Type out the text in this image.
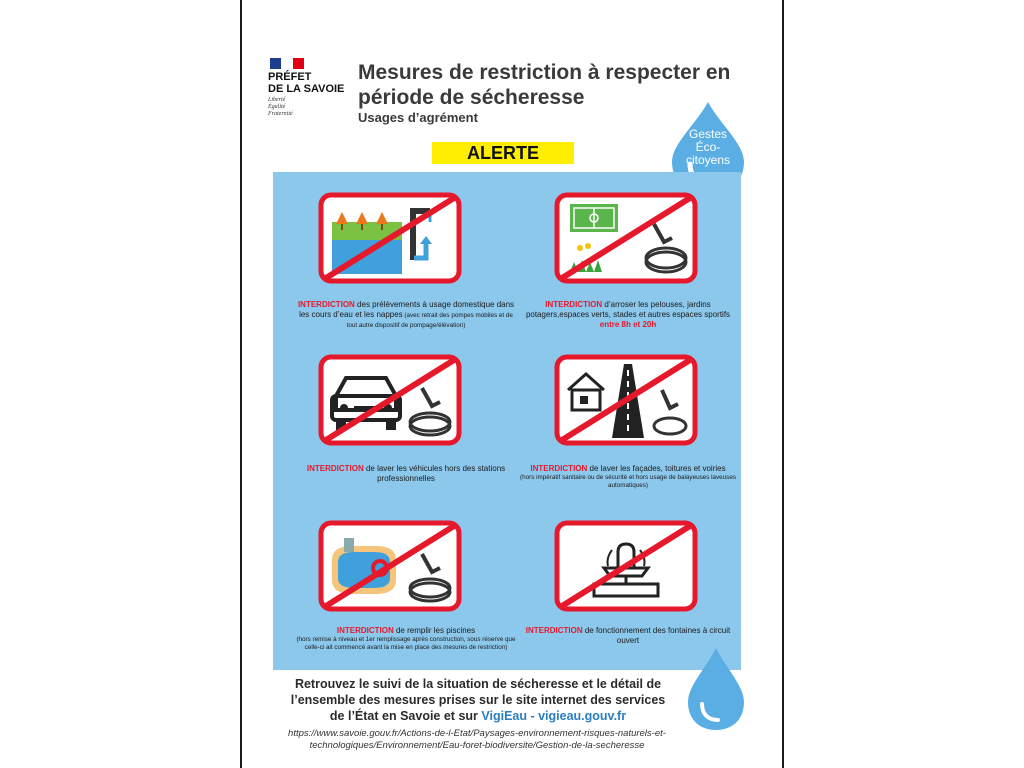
PRÉFET
DE LA SAVOIE
Liberté
Égalité
Fraternité
Mesures de restriction à respecter en période de sécheresse
Usages d’agrément
ALERTE
Gestes
Éco-
citoyens
INTERDICTION des prélèvements à usage domestique dans les cours d’eau et les nappes (avec retrait des pompes mobiles et de tout autre dispositif de pompage/élévation)
INTERDICTION d’arroser les pelouses, jardins potagers,espaces verts, stades et autres espaces sportifs
entre 8h et 20h
INTERDICTION de laver les véhicules hors des stations professionnelles
INTERDICTION de laver les façades, toitures et voiries
(hors impératif sanitaire ou de sécurité et hors usage de balayeuses laveuses automatiques)
INTERDICTION de remplir les piscines
(hors remise à niveau et 1er remplissage après construction, sous réserve que celle-ci ait commencé avant la mise en place des mesures de restriction)
INTERDICTION de fonctionnement des fontaines à circuit ouvert
Retrouvez le suivi de la situation de sécheresse et le détail de l’ensemble des mesures prises sur le site internet des services de l’État en Savoie et sur VigiEau - vigieau.gouv.fr
https://www.savoie.gouv.fr/Actions-de-l-Etat/Paysages-environnement-risques-naturels-et-technologiques/Environnement/Eau-foret-biodiversite/Gestion-de-la-secheresse
